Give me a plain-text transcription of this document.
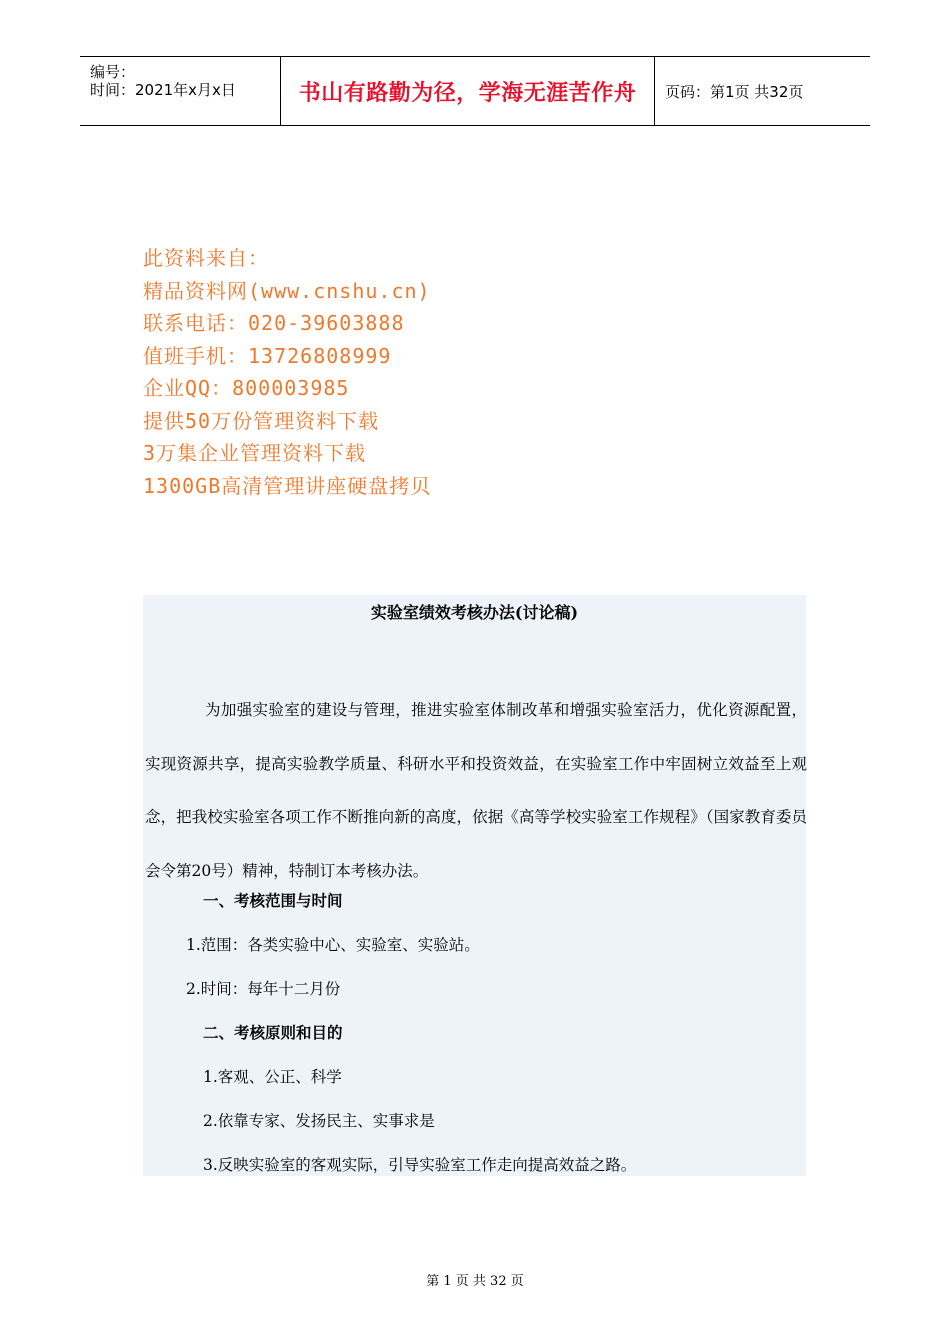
编号：
时间：2021年x月x日	书山有路勤为径，学海无涯苦作舟 页码：第1页 共32页
此资料来自：
精品资料网(www.cnshu.cn)
联系电话：020-39603888
值班手机：13726808999
企业QQ：800003985
提供50万份管理资料下载
3万集企业管理资料下载
1300GB高清管理讲座硬盘拷贝
实验室绩效考核办法(讨论稿)
为加强实验室的建设与管理，推进实验室体制改革和增强实验室活力，优化资源配置，实现资源共享，提高实验教学质量、科研水平和投资效益，在实验室工作中牢固树立效益至上观念，把我校实验室各项工作不断推向新的高度，依据《高等学校实验室工作规程》（国家教育委员会令第20号）精神，特制订本考核办法。
一、考核范围与时间
1.范围：各类实验中心、实验室、实验站。
2.时间：每年十二月份
二、考核原则和目的
1.客观、公正、科学
2.依靠专家、发扬民主、实事求是
3.反映实验室的客观实际，引导实验室工作走向提高效益之路。
第 1 页 共 32 页
